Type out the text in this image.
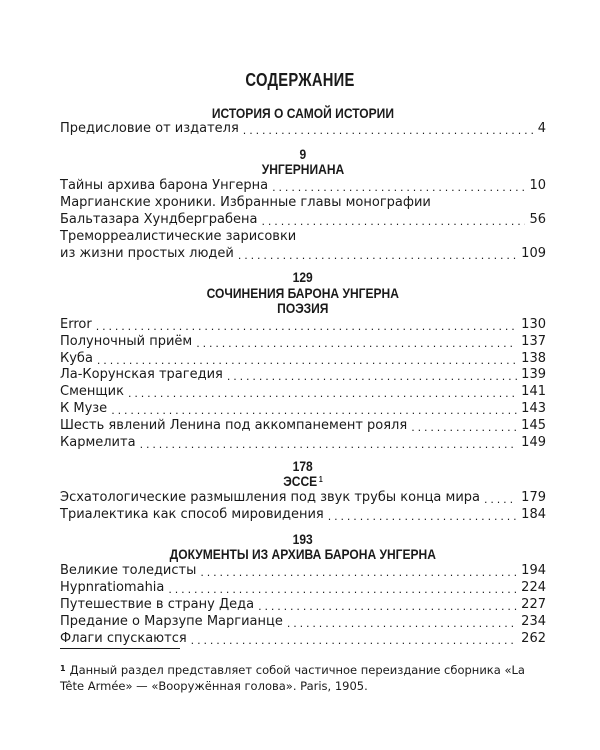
СОДЕРЖАНИЕ
ИСТОРИЯ О САМОЙ ИСТОРИИ
Предисловие от издателя . . .	4
9
УНГЕРНИАНА
Тайны архива барона Унгерна . . .	10
Маргианские хроники. Избранные главы монографии
Бальтазара Хундберграбена . . .	56
Треморреалистические зарисовки
из жизни простых людей . . .	109
129
СОЧИНЕНИЯ БАРОНА УНГЕРНА
ПОЭЗИЯ
Error . . .	130
Полуночный приём . . .	137
Куба . . .	138
Ла-Корунская трагедия . . .	139
Сменщик . . .	141
К Музе . . .	143
Шесть явлений Ленина под аккомпанемент рояля . . .	145
Кармелита . . .	149
178
ЭССЕ $^1$
Эсхатологические размышления под звук трубы конца мира . . .	179
Триалектика как способ мировидения . . .	184
193
ДОКУМЕНТЫ ИЗ АРХИВА БАРОНА УНГЕРНА
Великие толедисты . . .	194
Hypnratiomahia . . .	224
Путешествие в страну Деда . . .	227
Предание о Марзупе Маргианце . . .	234
Флаги спускаются . . .	262
$^1$ Данный раздел представляет собой частичное переиздание сборника «La Tête Armée» — «Вооружённая голова». Paris, 1905.
